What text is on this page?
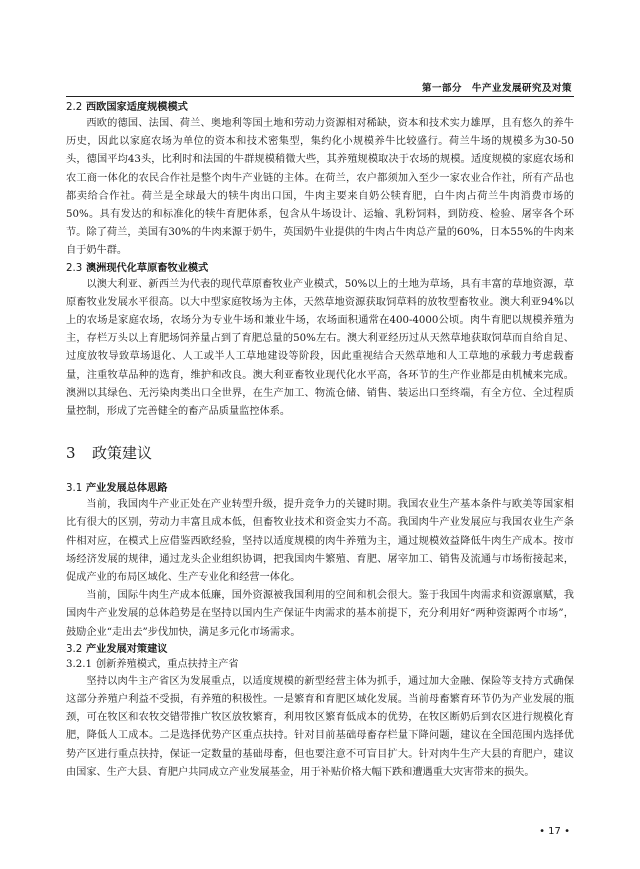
第一部分　牛产业发展研究及对策

2.2 西欧国家适度规模模式

西欧的德国、法国、荷兰、奥地利等国土地和劳动力资源相对稀缺，资本和技术实力雄厚，且有悠久的养牛历史，因此以家庭农场为单位的资本和技术密集型，集约化小规模养牛比较盛行。荷兰牛场的规模多为30-50头，德国平均43头，比利时和法国的牛群规模稍微大些，其养殖规模取决于农场的规模。适度规模的家庭农场和农工商一体化的农民合作社是整个肉牛产业链的主体。在荷兰，农户都须加入至少一家农业合作社，所有产品也都卖给合作社。荷兰是全球最大的犊牛肉出口国，牛肉主要来自奶公犊育肥，白牛肉占荷兰牛肉消费市场的50%。具有发达的和标准化的犊牛育肥体系，包含从牛场设计、运输、乳粉饲料，到防疫、检验、屠宰各个环节。除了荷兰，美国有30%的牛肉来源于奶牛，英国奶牛业提供的牛肉占牛肉总产量的60%，日本55%的牛肉来自于奶牛群。

2.3 澳洲现代化草原畜牧业模式

以澳大利亚、新西兰为代表的现代草原畜牧业产业模式，50%以上的土地为草场，具有丰富的草地资源，草原畜牧业发展水平很高。以大中型家庭牧场为主体，天然草地资源获取饲草料的放牧型畜牧业。澳大利亚94%以上的农场是家庭农场，农场分为专业牛场和兼业牛场，农场面积通常在400-4000公顷。肉牛育肥以规模养殖为主，存栏万头以上育肥场饲养量占到了育肥总量的50%左右。澳大利亚经历过从天然草地获取饲草而自给自足、过度放牧导致草场退化、人工或半人工草地建设等阶段，因此重视结合天然草地和人工草地的承载力考虑载畜量，注重牧草品种的选育，维护和改良。澳大利亚畜牧业现代化水平高，各环节的生产作业都是由机械来完成。澳洲以其绿色、无污染肉类出口全世界，在生产加工、物流仓储、销售、装运出口至终端，有全方位、全过程质量控制，形成了完善健全的畜产品质量监控体系。

3 政策建议

3.1 产业发展总体思路

当前，我国肉牛产业正处在产业转型升级，提升竞争力的关键时期。我国农业生产基本条件与欧美等国家相比有很大的区别，劳动力丰富且成本低，但畜牧业技术和资金实力不高。我国肉牛产业发展应与我国农业生产条件相对应，在模式上应借鉴西欧经验，坚持以适度规模的肉牛养殖为主，通过规模效益降低牛肉生产成本。按市场经济发展的规律，通过龙头企业组织协调，把我国肉牛繁殖、育肥、屠宰加工、销售及流通与市场衔接起来，促成产业的布局区域化、生产专业化和经营一体化。

当前，国际牛肉生产成本低廉，国外资源被我国利用的空间和机会很大。鉴于我国牛肉需求和资源禀赋，我国肉牛产业发展的总体趋势是在坚持以国内生产保证牛肉需求的基本前提下，充分利用好“两种资源两个市场”，鼓励企业“走出去”步伐加快，满足多元化市场需求。

3.2 产业发展对策建议

3.2.1 创新养殖模式，重点扶持主产省

坚持以肉牛主产省区为发展重点，以适度规模的新型经营主体为抓手，通过加大金融、保险等支持方式确保这部分养殖户利益不受损，有养殖的积极性。一是繁育和育肥区域化发展。当前母畜繁育环节仍为产业发展的瓶颈，可在牧区和农牧交错带推广牧区放牧繁育，利用牧区繁育低成本的优势，在牧区断奶后到农区进行规模化育肥，降低人工成本。二是选择优势产区重点扶持。针对目前基础母畜存栏量下降问题，建议在全国范围内选择优势产区进行重点扶持，保证一定数量的基础母畜，但也要注意不可盲目扩大。针对肉牛生产大县的育肥户，建议由国家、生产大县、育肥户共同成立产业发展基金，用于补贴价格大幅下跌和遭遇重大灾害带来的损失。

• 17 •
